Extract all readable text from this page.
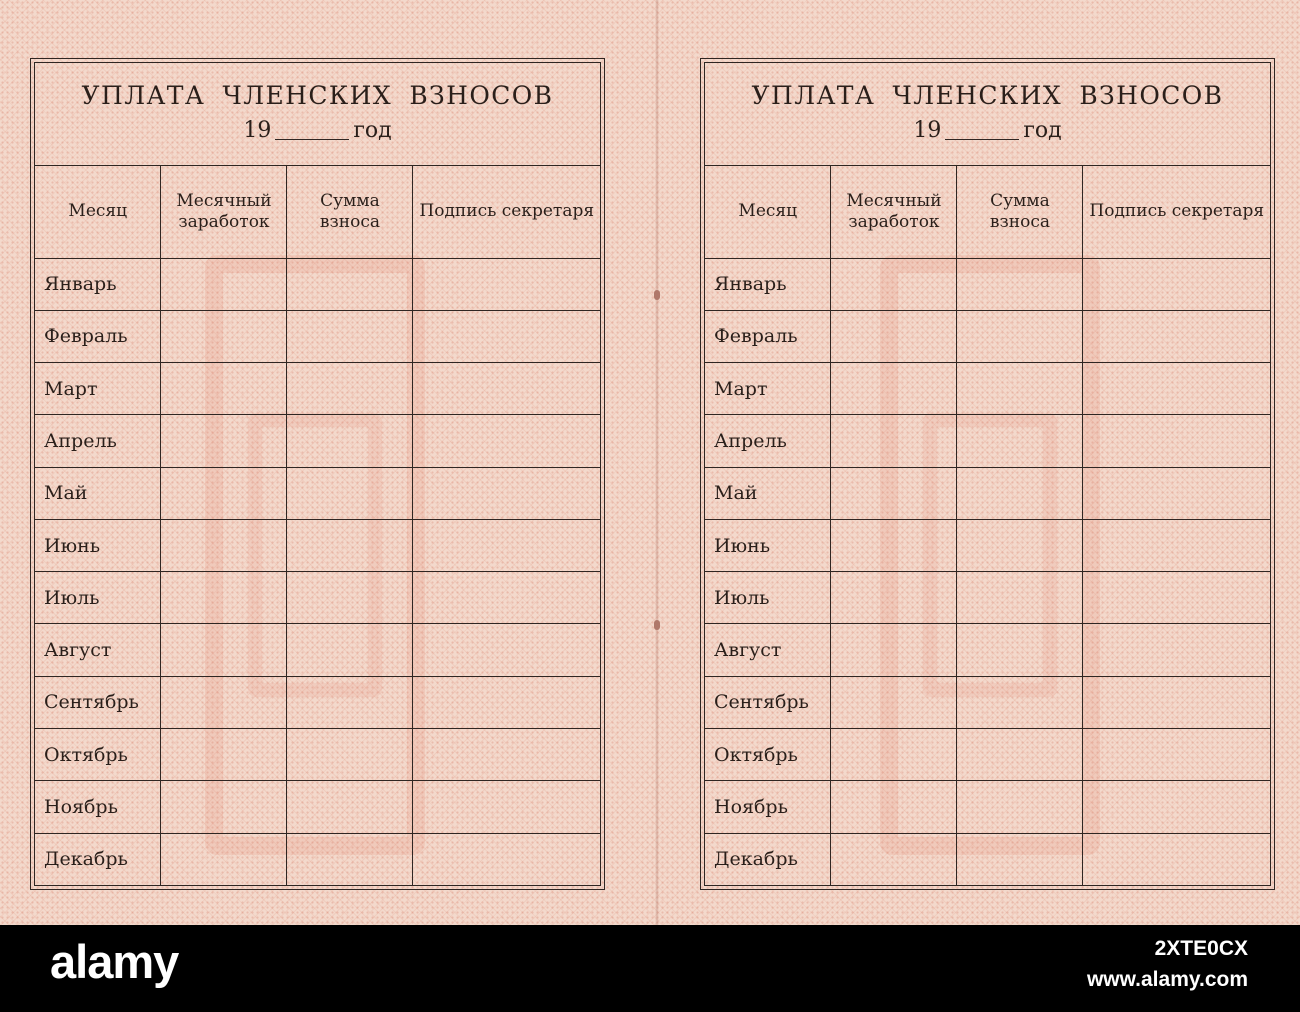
УПЛАТА ЧЛЕНСКИХ ВЗНОСОВ
19	год
Месяц	Месячный заработок	Сумма взноса	Подпись секретаря
Январь			
Февраль			
Март			
Апрель			
Май			
Июнь			
Июль			
Август			
Сентябрь			
Октябрь			
Ноябрь			
Декабрь			
УПЛАТА ЧЛЕНСКИХ ВЗНОСОВ
19	год
Месяц	Месячный заработок	Сумма взноса	Подпись секретаря
Январь			
Февраль			
Март			
Апрель			
Май			
Июнь			
Июль			
Август			
Сентябрь			
Октябрь			
Ноябрь			
Декабрь			
alamy	2XTE0CX
www.alamy.com
